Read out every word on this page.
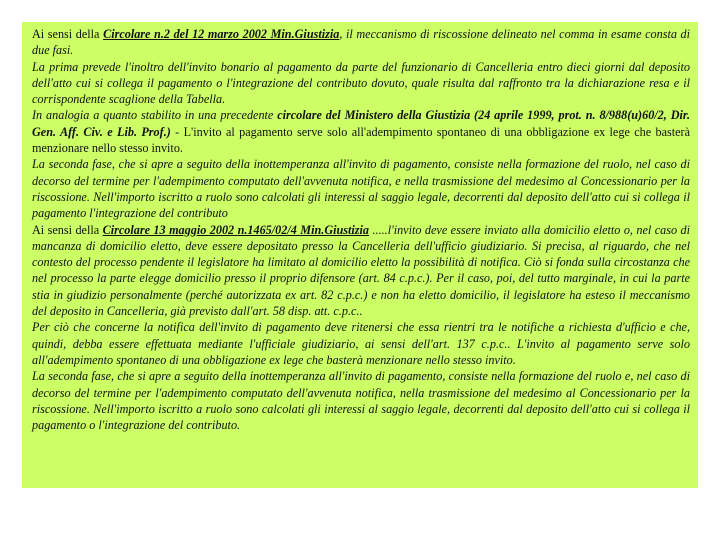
Ai sensi della Circolare n.2 del 12 marzo 2002 Min.Giustizia, il meccanismo di riscossione delineato nel comma in esame consta di due fasi.

La prima prevede l'inoltro dell'invito bonario al pagamento da parte del funzionario di Cancelleria entro dieci giorni dal deposito dell'atto cui si collega il pagamento o l'integrazione del contributo dovuto, quale risulta dal raffronto tra la dichiarazione resa e il corrispondente scaglione della Tabella.

In analogia a quanto stabilito in una precedente circolare del Ministero della Giustizia (24 aprile 1999, prot. n. 8/988(u)60/2, Dir. Gen. Aff. Civ. e Lib. Prof.) - L'invito al pagamento serve solo all'adempimento spontaneo di una obbligazione ex lege che basterà menzionare nello stesso invito.

La seconda fase, che si apre a seguito della inottemperanza all'invito di pagamento, consiste nella formazione del ruolo, nel caso di decorso del termine per l'adempimento computato dell'avvenuta notifica, e nella trasmissione del medesimo al Concessionario per la riscossione. Nell'importo iscritto a ruolo sono calcolati gli interessi al saggio legale, decorrenti dal deposito dell'atto cui si collega il pagamento l'integrazione del contributo

Ai sensi della Circolare 13 maggio 2002 n.1465/02/4 Min.Giustizia .....l'invito deve essere inviato alla domicilio eletto o, nel caso di mancanza di domicilio eletto, deve essere depositato presso la Cancelleria dell'ufficio giudiziario. Si precisa, al riguardo, che nel contesto del processo pendente il legislatore ha limitato al domicilio eletto la possibilità di notifica. Ciò si fonda sulla circostanza che nel processo la parte elegge domicilio presso il proprio difensore (art. 84 c.p.c.). Per il caso, poi, del tutto marginale, in cui la parte stia in giudizio personalmente (perché autorizzata ex art. 82 c.p.c.) e non ha eletto domicilio, il legislatore ha esteso il meccanismo del deposito in Cancelleria, già previsto dall'art. 58 disp. att. c.p.c..

Per ciò che concerne la notifica dell'invito di pagamento deve ritenersi che essa rientri tra le notifiche a richiesta d'ufficio e che, quindi, debba essere effettuata mediante l'ufficiale giudiziario, ai sensi dell'art. 137 c.p.c.. L'invito al pagamento serve solo all'adempimento spontaneo di una obbligazione ex lege che basterà menzionare nello stesso invito.

La seconda fase, che si apre a seguito della inottemperanza all'invito di pagamento, consiste nella formazione del ruolo e, nel caso di decorso del termine per l'adempimento computato dell'avvenuta notifica, nella trasmissione del medesimo al Concessionario per la riscossione. Nell'importo iscritto a ruolo sono calcolati gli interessi al saggio legale, decorrenti dal deposito dell'atto cui si collega il pagamento o l'integrazione del contributo.
